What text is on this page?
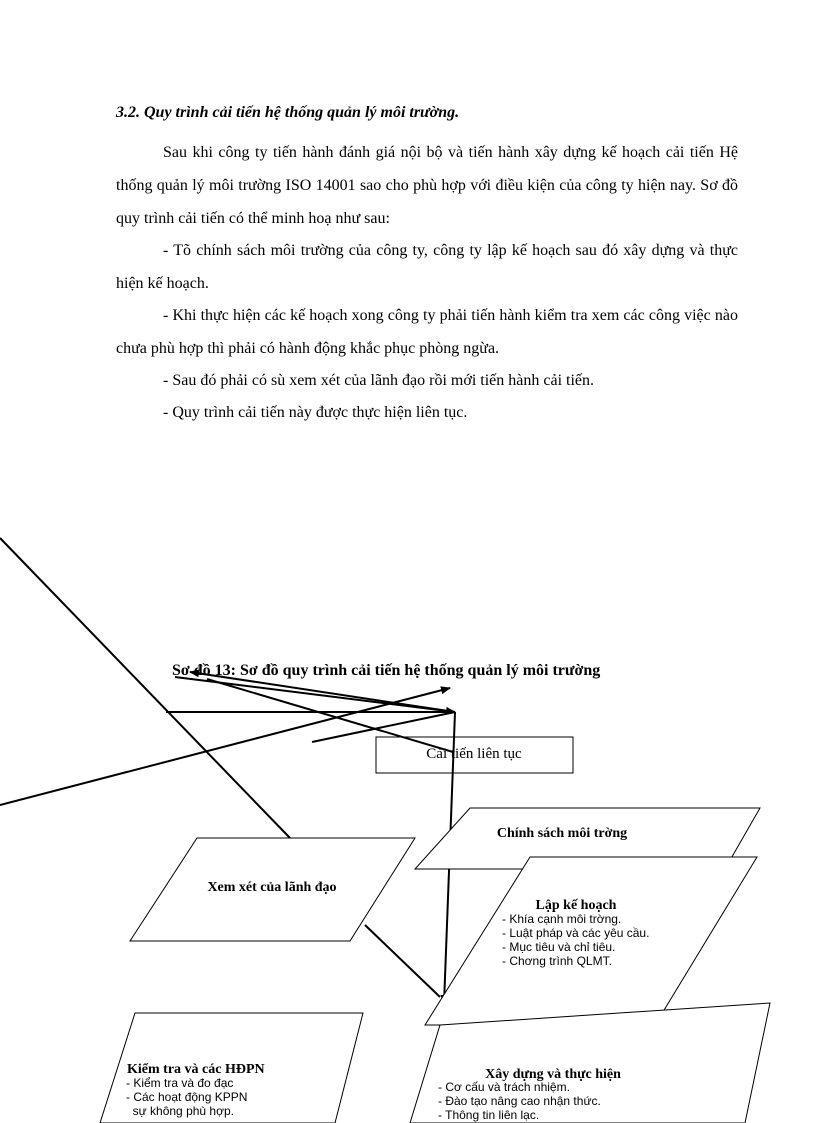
3.2. Quy trình cải tiến hệ thống quản lý môi trường.

Sau khi công ty tiến hành đánh giá nội bộ và tiến hành xây dựng kế hoạch cải tiến Hệ thống quản lý môi trường ISO 14001 sao cho phù hợp với điều kiện của công ty hiện nay. Sơ đồ quy trình cải tiến có thể minh hoạ như sau:

- Tõ chính sách môi trường của công ty, công ty lập kế hoạch sau đó xây dựng và thực hiện kế hoạch.

- Khi thực hiện các kế hoạch xong công ty phải tiến hành kiểm tra xem các công việc nào chưa phù hợp thì phải có hành động khắc phục phòng ngừa.

- Sau đó phải có sù xem xét của lãnh đạo rồi mới tiến hành cải tiến.

- Quy trình cải tiến này được thực hiện liên tục.

Sơ đồ 13: Sơ đồ quy trình cải tiến hệ thống quản lý môi trường
Cải tiến liên tục
Chính sách môi trờng
Xem xét của lãnh đạo
Lập kế hoạch
- Khía cạnh môi trờng.
- Luật pháp và các yêu cầu.
- Mục tiêu và chỉ tiêu.
- Chơng trình QLMT.
Kiểm tra và các HĐPN
- Kiểm tra và đo đạc
- Các hoạt động KPPN
sự không phù hợp.
Xây dựng và thực hiện
- Cơ cấu và trách nhiệm.
- Đào tạo nâng cao nhận thức.
- Thông tin liên lạc.
